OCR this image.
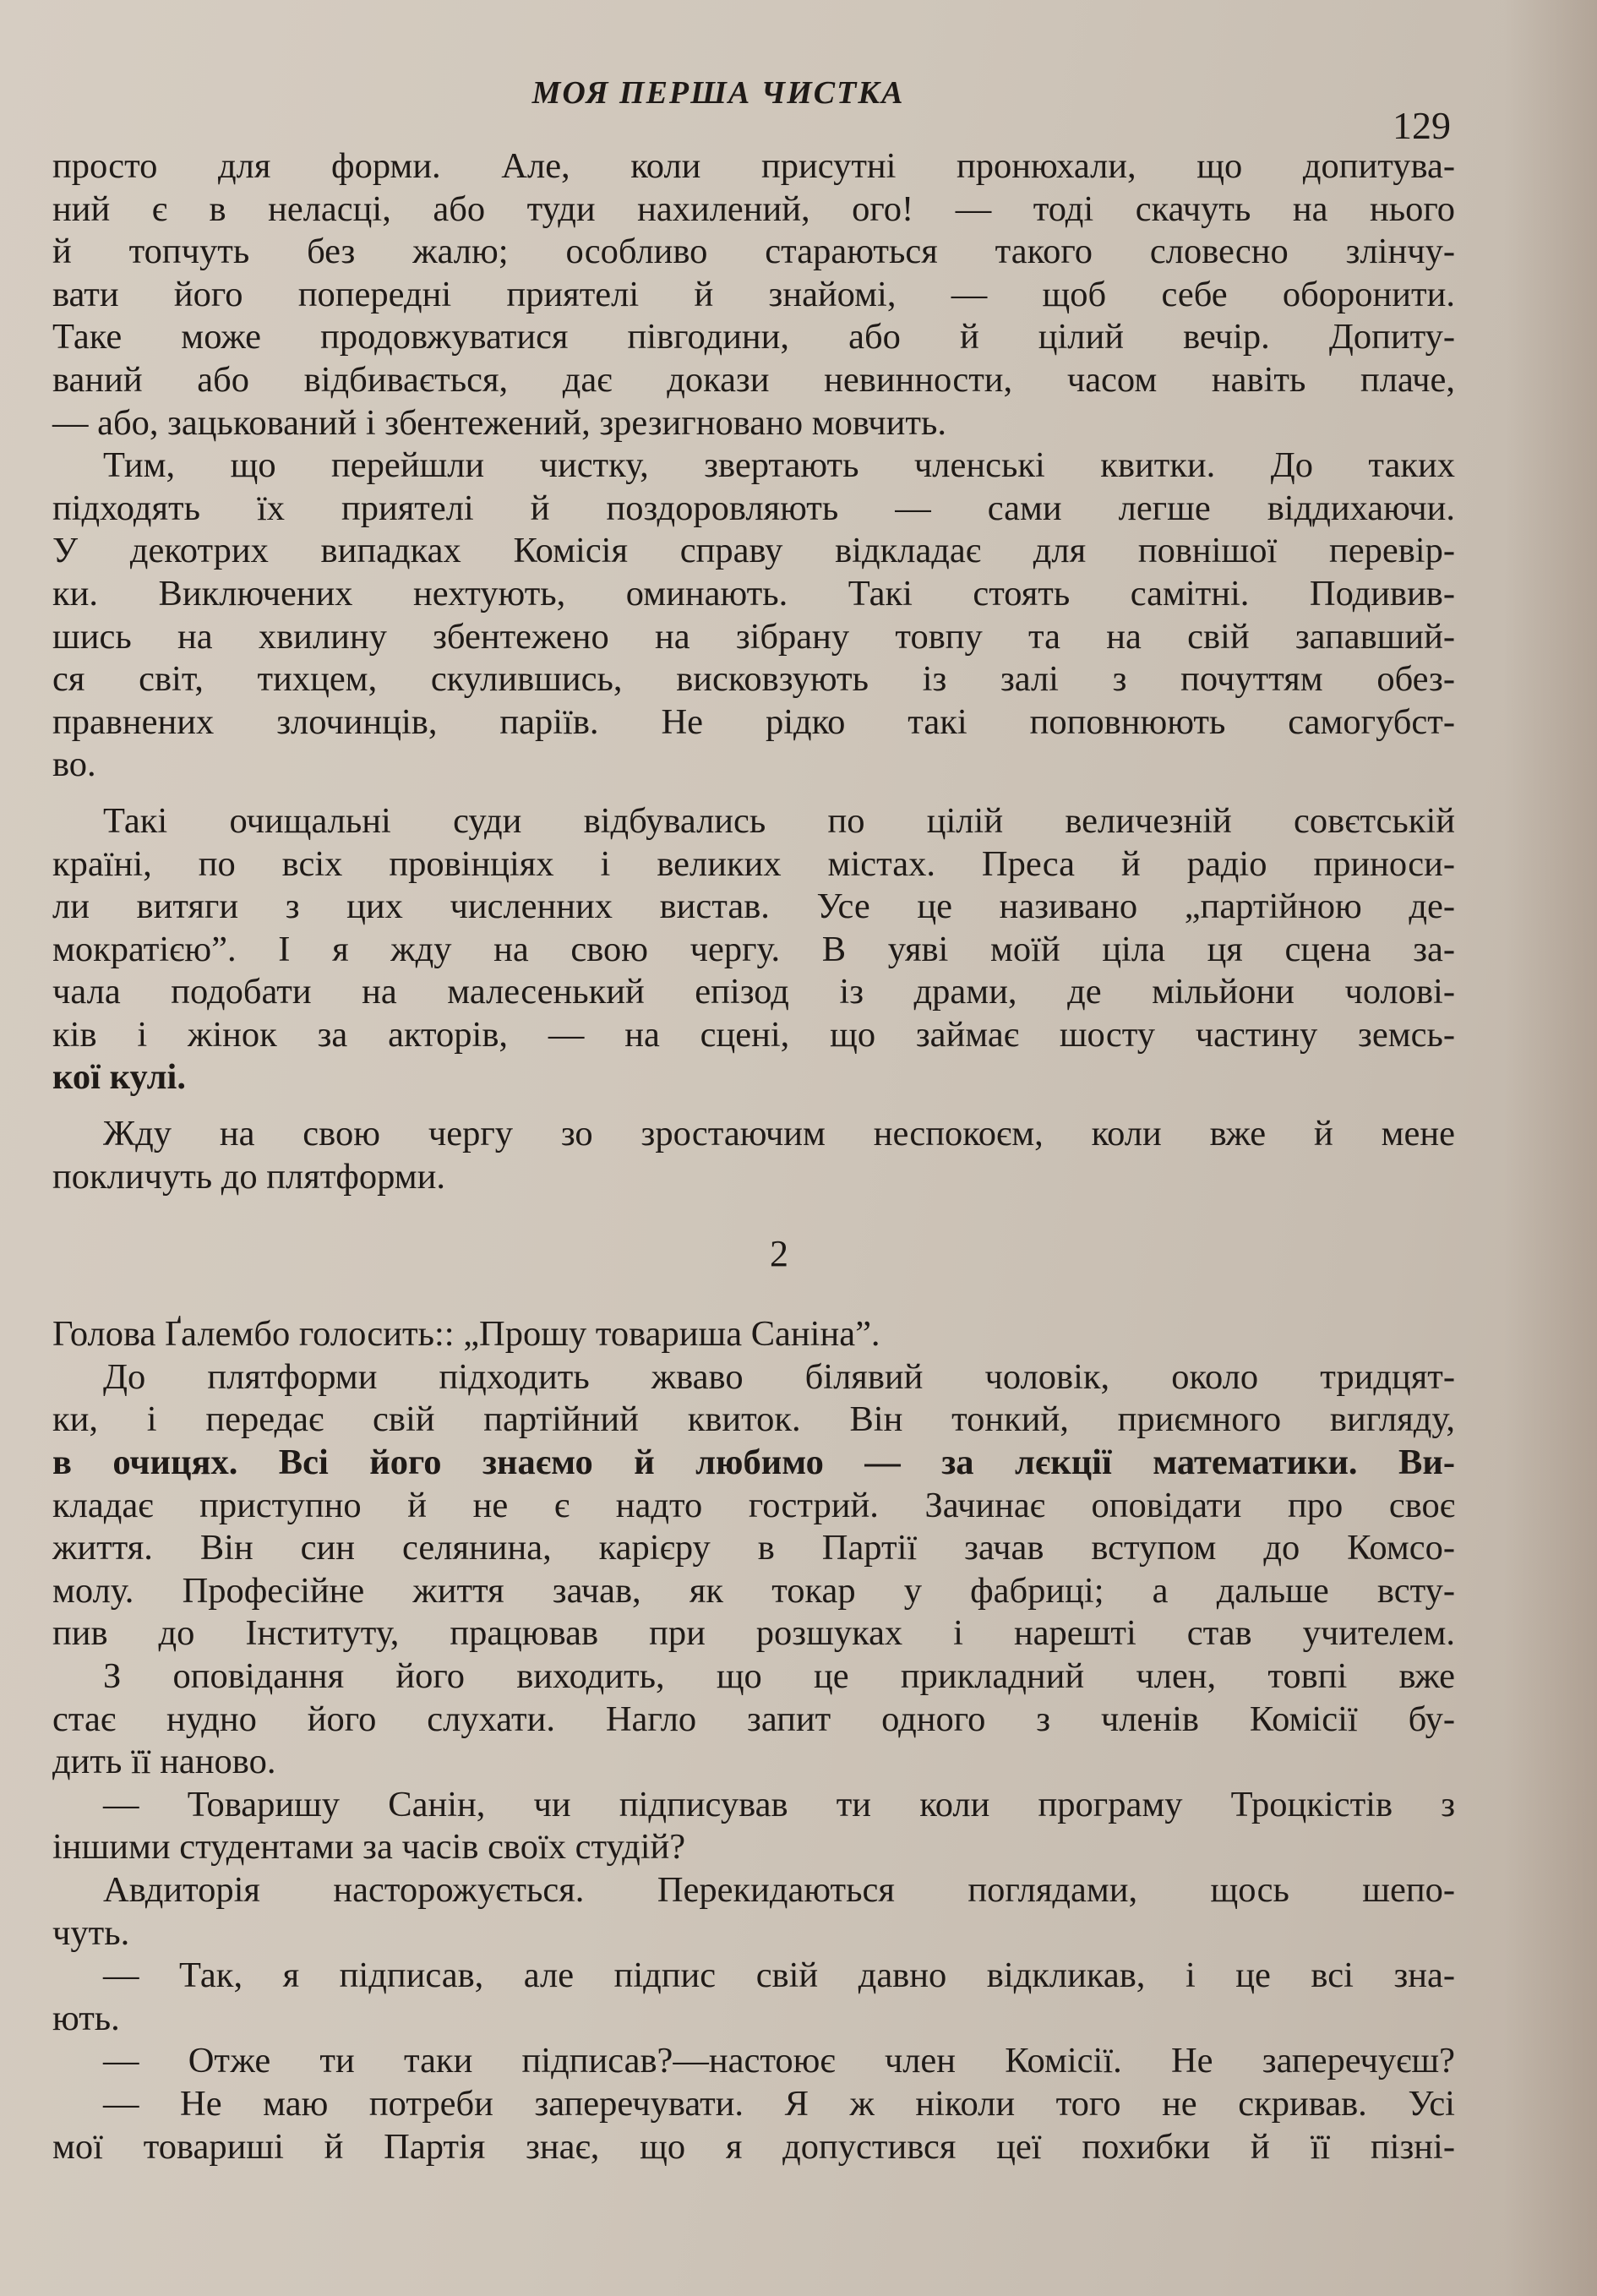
МОЯ ПЕРША ЧИСТКА
129
просто для форми. Але, коли присутні пронюхали, що допитува-
ний є в неласці, або туди нахилений, ого! — тоді скачуть на нього
й топчуть без жалю; особливо стараються такого словесно злінчу-
вати його попередні приятелі й знайомі, — щоб себе оборонити.
Таке може продовжуватися півгодини, або й цілий вечір. Допиту-
ваний або відбивається, дає докази невинности, часом навіть плаче,
— або, зацькований і збентежений, зрезигновано мовчить.
Тим, що перейшли чистку, звертають членські квитки. До таких
підходять їх приятелі й поздоровляють — сами легше віддихаючи.
У декотрих випадках Комісія справу відкладає для повнішої перевір-
ки. Виключених нехтують, оминають. Такі стоять самітні. Подивив-
шись на хвилину збентежено на зібрану товпу та на свій запавший-
ся світ, тихцем, скулившись, висковзують із залі з почуттям обез-
правнених злочинців, паріїв. Не рідко такі поповнюють самогубст-
во.
Такі очищальні суди відбувались по цілій величезній совєтській
країні, по всіх провінціях і великих містах. Преса й радіо приноси-
ли витяги з цих численних вистав. Усе це називано „партійною де-
мократією”. І я жду на свою чергу. В уяві моїй ціла ця сцена за-
чала подобати на малесенький епізод із драми, де мільйони чолові-
ків і жінок за акторів, — на сцені, що займає шосту частину земсь-
кої кулі.
Жду на свою чергу зо зростаючим неспокоєм, коли вже й мене
покличуть до плятформи.
2
Голова Ґалембо голосить:: „Прошу товариша Саніна”.
До плятформи підходить жваво білявий чоловік, около тридцят-
ки, і передає свій партійний квиток. Він тонкий, приємного вигляду,
в очицях. Всі його знаємо й любимо — за лєкції математики. Ви-
кладає приступно й не є надто гострий. Зачинає оповідати про своє
життя. Він син селянина, карієру в Партії зачав вступом до Комсо-
молу. Професійне життя зачав, як токар у фабриці; а дальше всту-
пив до Інституту, працював при розшуках і нарешті став учителем.
З оповідання його виходить, що це прикладний член, товпі вже
стає нудно його слухати. Нагло запит одного з членів Комісії бу-
дить її наново.
— Товаришу Санін, чи підписував ти коли програму Троцкістів з
іншими студентами за часів своїх студій?
Авдиторія насторожується. Перекидаються поглядами, щось шепо-
чуть.
— Так, я підписав, але підпис свій давно відкликав, і це всі зна-
ють.
— Отже ти таки підписав?—настоює член Комісії. Не заперечуєш?
— Не маю потреби заперечувати. Я ж ніколи того не скривав. Усі
мої товариші й Партія знає, що я допустився цеї похибки й її пізні-
